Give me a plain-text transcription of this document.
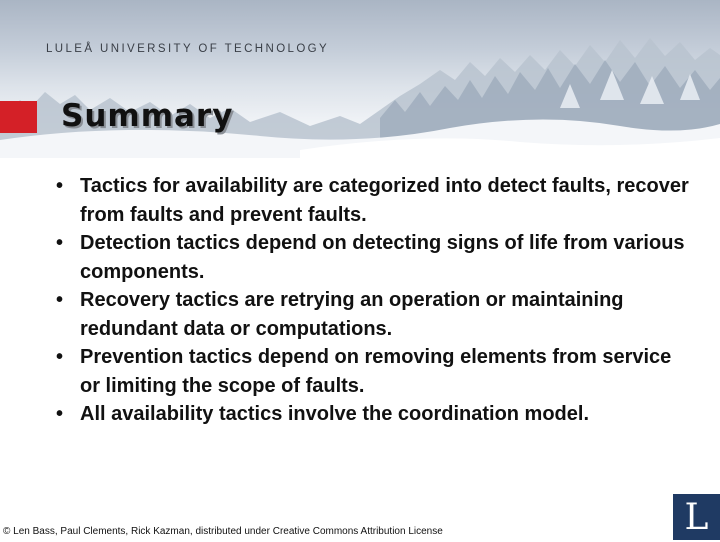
LULEÅ UNIVERSITY OF TECHNOLOGY
Summary
• Tactics for availability are categorized into detect faults, recover from faults and prevent faults.
• Detection tactics depend on detecting signs of life from various components.
• Recovery tactics are retrying an operation or maintaining redundant data or computations.
• Prevention tactics depend on removing elements from service or limiting the scope of faults.
• All availability tactics involve the coordination model.
© Len Bass, Paul Clements, Rick Kazman, distributed under Creative Commons Attribution License	L
